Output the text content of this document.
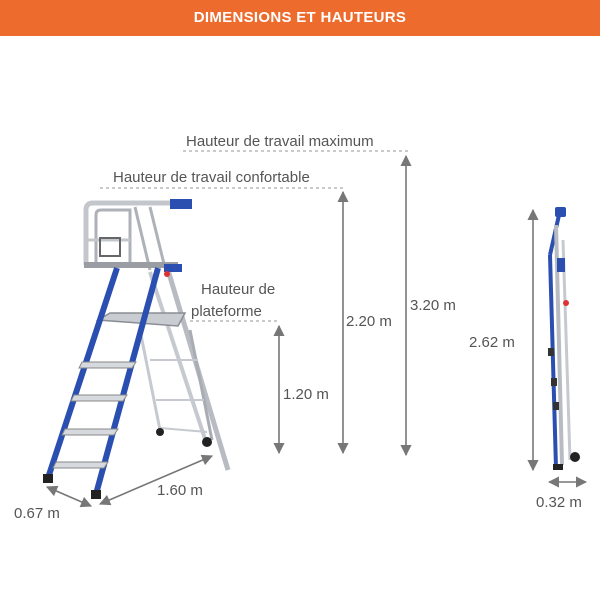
DIMENSIONS ET HAUTEURS
Hauteur de travail maximum
Hauteur de travail confortable
Hauteur de
plateforme
1.20 m
2.20 m
3.20 m
2.62 m
1.60 m
0.67 m
0.32 m
